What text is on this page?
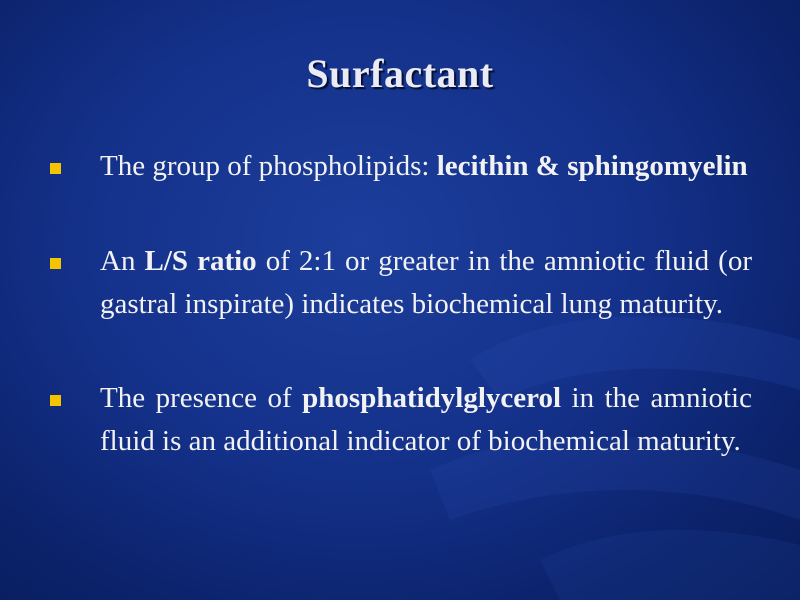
Surfactant
The group of phospholipids: lecithin & sphingomyelin
An L/S ratio of 2:1 or greater in the amniotic fluid (or gastral inspirate) indicates biochemical lung maturity.
The presence of phosphatidylglycerol in the amniotic fluid is an additional indicator of biochemical maturity.
